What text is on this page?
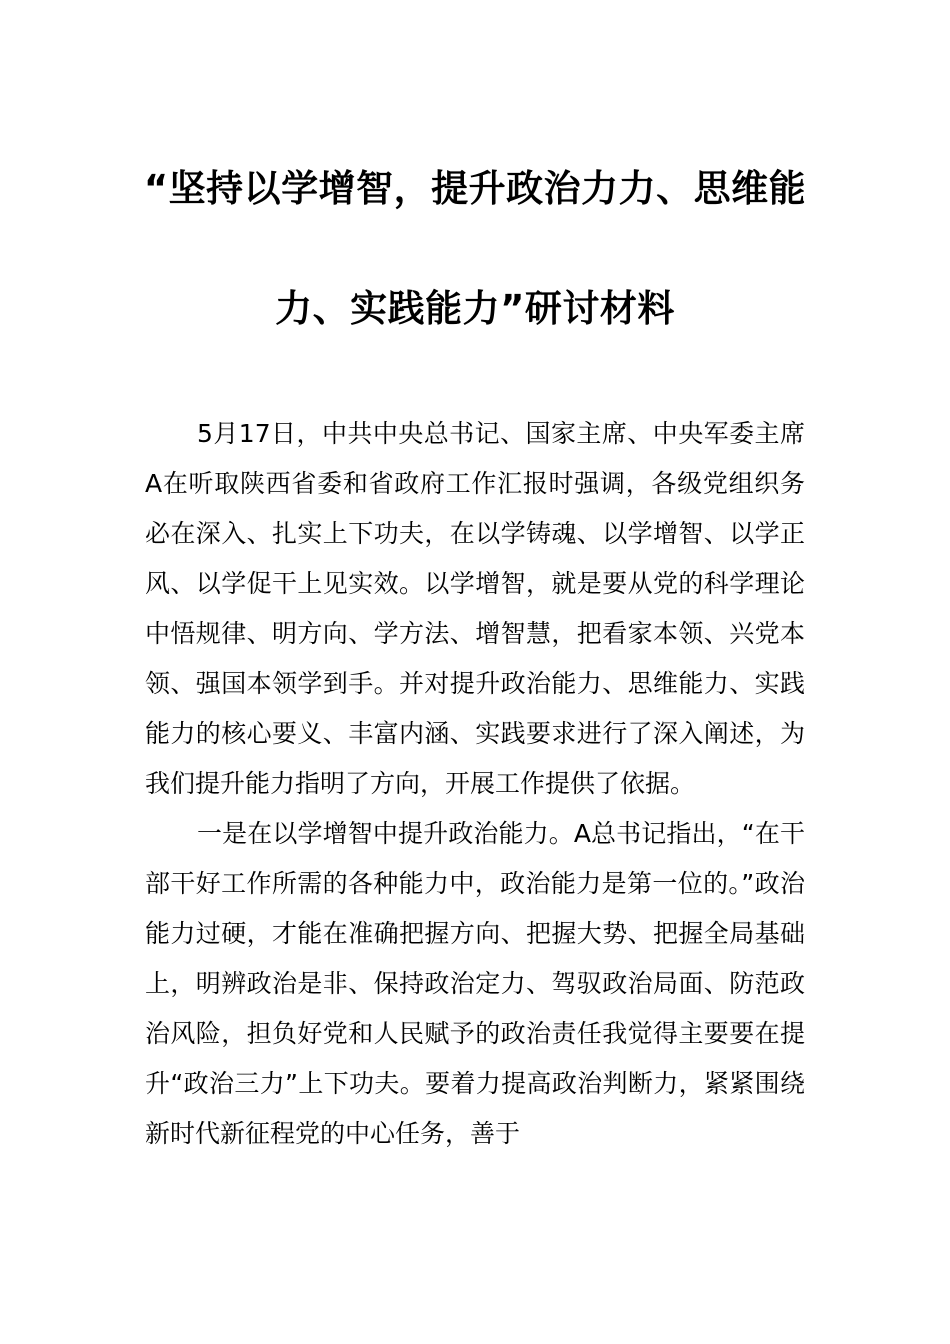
“坚持以学增智，提升政治力力、思维能
力、实践能力”研讨材料

5月17日，中共中央总书记、国家主席、中央军委主席A在听取陕西省委和省政府工作汇报时强调，各级党组织务必在深入、扎实上下功夫，在以学铸魂、以学增智、以学正风、以学促干上见实效。以学增智，就是要从党的科学理论中悟规律、明方向、学方法、增智慧，把看家本领、兴党本领、强国本领学到手。并对提升政治能力、思维能力、实践能力的核心要义、丰富内涵、实践要求进行了深入阐述，为我们提升能力指明了方向，开展工作提供了依据。

一是在以学增智中提升政治能力。A总书记指出，“在干部干好工作所需的各种能力中，政治能力是第一位的。”政治能力过硬，才能在准确把握方向、把握大势、把握全局基础上，明辨政治是非、保持政治定力、驾驭政治局面、防范政治风险，担负好党和人民赋予的政治责任我觉得主要要在提升“政治三力”上下功夫。要着力提高政治判断力，紧紧围绕新时代新征程党的中心任务，善于
